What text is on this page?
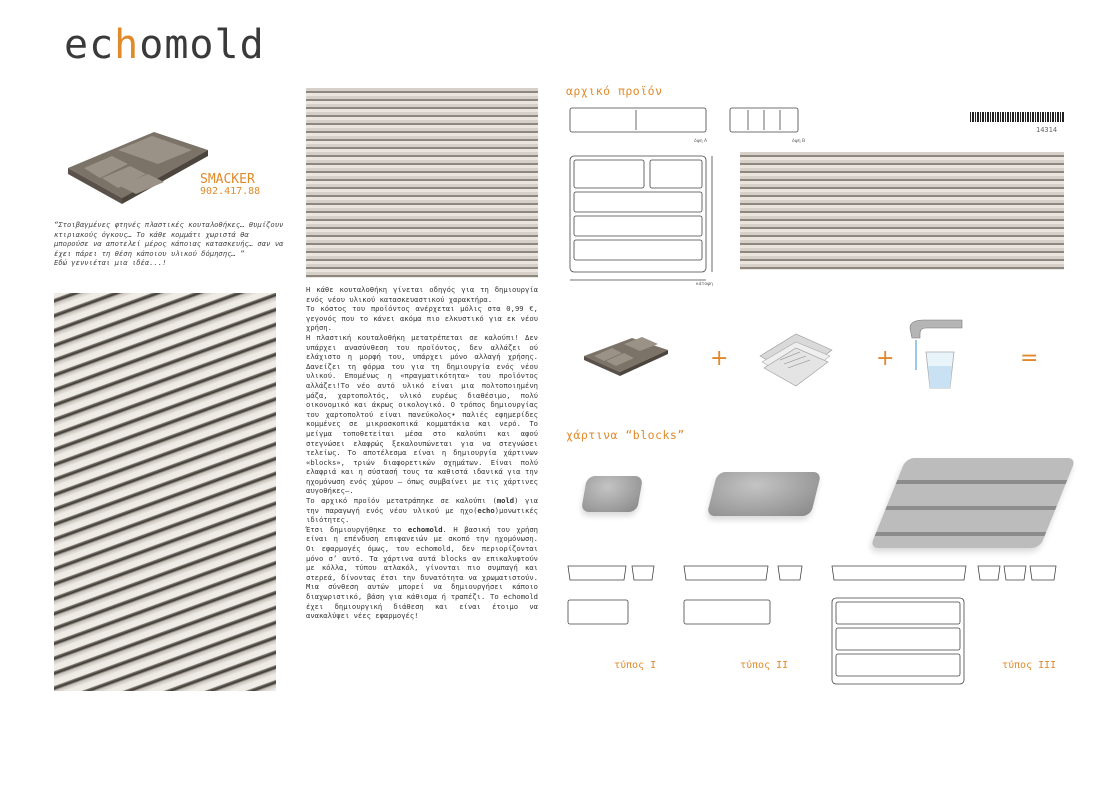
echomold
SMACKER
902.417.88
“Στοιβαγμένες φτηνές πλαστικές κουταλοθήκες… θυμίζουν κτιριακούς όγκους… Το κάθε κομμάτι χωριστά θα μπορούσε να αποτελεί μέρος κάποιας κατασκευής… σαν να έχει πάρει τη θέση κάποιου υλικού δόμησης… ”
Εδώ γεννιέται μια ιδέα...!
Η κάθε κουταλοθήκη γίνεται οδηγός για τη δημιουργία ενός νέου υλικού κατασκευαστικού χαρακτήρα.
Το κόστος του προϊόντος ανέρχεται μόλις στα 0,99 €, γεγονός που το κάνει ακόμα πιο ελκυστικό για εκ νέου χρήση.
Η πλαστική κουταλοθήκη μετατρέπεται σε καλούπι! Δεν υπάρχει ανασύνθεση του προϊόντος, δεν αλλάζει ού ελάχιστο η μορφή του, υπάρχει μόνο αλλαγή χρήσης. Δανείζει τη φόρμα του για τη δημιουργία ενός νέου υλικού. Επομένως η «πραγματικότητα» του προϊόντος αλλάζει!Το νέο αυτό υλικό είναι μια πολτοποιημένη μάζα, χαρτοπολτός, υλικό ευρέως διαθέσιμο, πολύ οικονομικό και άκρως οικολογικό. Ο τρόπος δημιουργίας του χαρτοπολτού είναι πανεύκολος• παλιές εφημερίδες κομμένες σε μικροσκοπικά κομματάκια και νερό. Το μείγμα τοποθετείται μέσα στο καλούπι και αφού στεγνώσει ελαφρώς ξεκαλουπώνεται για να στεγνώσει τελείως. Το αποτέλεσμα είναι η δημιουργία χάρτινων «blocks», τριών διαφορετικών σχημάτων. Είναι πολύ ελαφριά και η σύστασή τους τα καθιστά ιδανικά για την ηχομόνωση ενός χώρου – όπως συμβαίνει με τις χάρτινες αυγοθήκες–.
Το αρχικό προϊόν μετατράπηκε σε καλούπι (mold) για την παραγωγή ενός νέου υλικού με ηχο(echo)μονωτικές ιδιότητες.
Έτσι δημιουργήθηκε το echomold. Η βασική του χρήση είναι η επένδυση επιφανειών με σκοπό την ηχομόνωση. Οι εφαρμογές όμως, του echomold, δεν περιορίζονται μόνο σ’ αυτό. Τα χάρτινα αυτά blocks αν επικαλυφτούν με κόλλα, τύπου ατλακόλ, γίνονται πιο συμπαγή και στερεά, δίνοντας έτσι την δυνατότητα να χρωματιστούν. Μια σύνθεση αυτών μπορεί να δημιουργήσει κάποιο διαχωριστικό, βάση για κάθισμα ή τραπέζι. Το echomold έχει δημιουργική διάθεση και είναι έτοιμο να ανακαλύψει νέες εφαρμογές!
αρχικό προϊόν
14314
όψη Α
κάτοψη
όψη Β
+	+	=
χάρτινα “blocks”
τύπος I	τύπος II	τύπος III
